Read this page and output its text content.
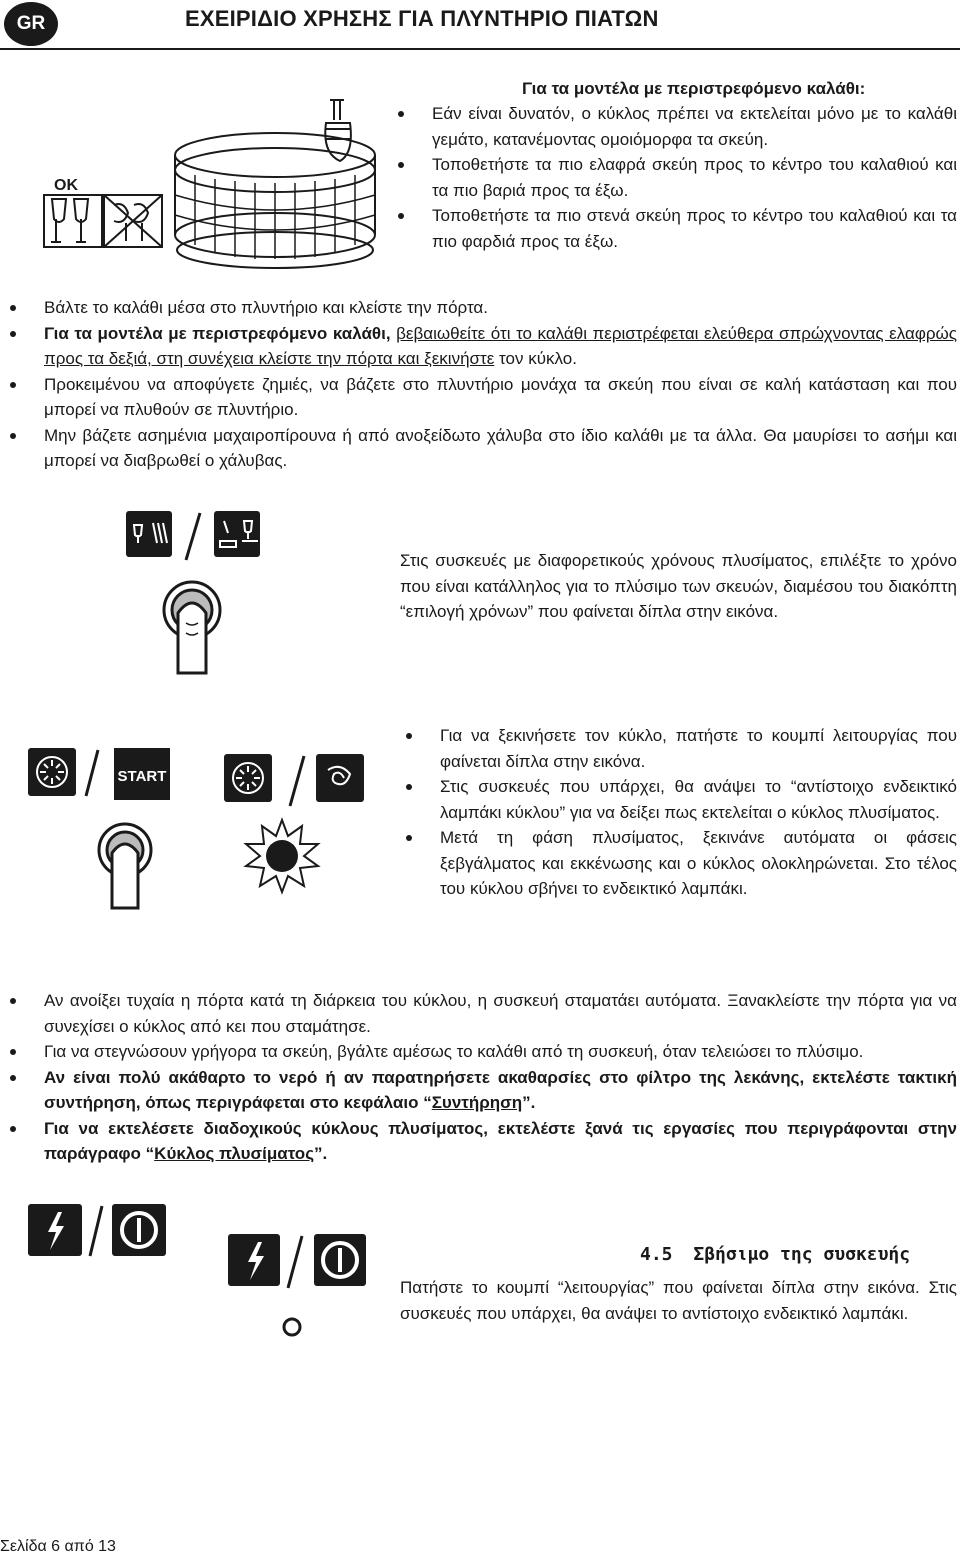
GR	ΕΧΕΙΡΙΔΙΟ ΧΡΗΣΗΣ ΓΙΑ ΠΛΥΝΤΗΡΙΟ ΠΙΑΤΩΝ
OK
Για τα μοντέλα με περιστρεφόμενο καλάθι:
Εάν είναι δυνατόν, ο κύκλος πρέπει να εκτελείται μόνο με το καλάθι γεμάτο, κατανέμοντας ομοιόμορφα τα σκεύη.
Τοποθετήστε τα πιο ελαφρά σκεύη προς το κέντρο του καλαθιού και τα πιο βαριά προς τα έξω.
Τοποθετήστε τα πιο στενά σκεύη προς το κέντρο του καλαθιού και τα πιο φαρδιά προς τα έξω.
Βάλτε το καλάθι μέσα στο πλυντήριο και κλείστε την πόρτα.
Για τα μοντέλα με περιστρεφόμενο καλάθι, βεβαιωθείτε ότι το καλάθι περιστρέφεται ελεύθερα σπρώχνοντας ελαφρώς προς τα δεξιά, στη συνέχεια κλείστε την πόρτα και ξεκινήστε τον κύκλο.
Προκειμένου να αποφύγετε ζημιές, να βάζετε στο πλυντήριο μονάχα τα σκεύη που είναι σε καλή κατάσταση και που μπορεί να πλυθούν σε πλυντήριο.
Μην βάζετε ασημένια μαχαιροπίρουνα ή από ανοξείδωτο χάλυβα στο ίδιο καλάθι με τα άλλα. Θα μαυρίσει το ασήμι και μπορεί να διαβρωθεί ο χάλυβας.
Στις συσκευές με διαφορετικούς χρόνους πλυσίματος, επιλέξτε το χρόνο που είναι κατάλληλος για το πλύσιμο των σκευών, διαμέσου του διακόπτη “επιλογή χρόνων” που φαίνεται δίπλα στην εικόνα.
START
Για να ξεκινήσετε τον κύκλο, πατήστε το κουμπί λειτουργίας που φαίνεται δίπλα στην εικόνα.
Στις συσκευές που υπάρχει, θα ανάψει το “αντίστοιχο ενδεικτικό λαμπάκι κύκλου” για να δείξει πως εκτελείται ο κύκλος πλυσίματος.
Μετά τη φάση πλυσίματος, ξεκινάνε αυτόματα οι φάσεις ξεβγάλματος και εκκένωσης και ο κύκλος ολοκληρώνεται. Στο τέλος του κύκλου σβήνει το ενδεικτικό λαμπάκι.
Αν ανοίξει τυχαία η πόρτα κατά τη διάρκεια του κύκλου, η συσκευή σταματάει αυτόματα. Ξανακλείστε την πόρτα για να συνεχίσει ο κύκλος από κει που σταμάτησε.
Για να στεγνώσουν γρήγορα τα σκεύη, βγάλτε αμέσως το καλάθι από τη συσκευή, όταν τελειώσει το πλύσιμο.
Αν είναι πολύ ακάθαρτο το νερό ή αν παρατηρήσετε ακαθαρσίες στο φίλτρο της λεκάνης, εκτελέστε τακτική συντήρηση, όπως περιγράφεται στο κεφάλαιο “Συντήρηση”.
Για να εκτελέσετε διαδοχικούς κύκλους πλυσίματος, εκτελέστε ξανά τις εργασίες που περιγράφονται στην παράγραφο “Κύκλος πλυσίματος”.
4.5 Σβήσιμο της συσκευής
Πατήστε το κουμπί “λειτουργίας” που φαίνεται δίπλα στην εικόνα. Στις συσκευές που υπάρχει, θα ανάψει το αντίστοιχο ενδεικτικό λαμπάκι.
Σελίδα 6 από 13
